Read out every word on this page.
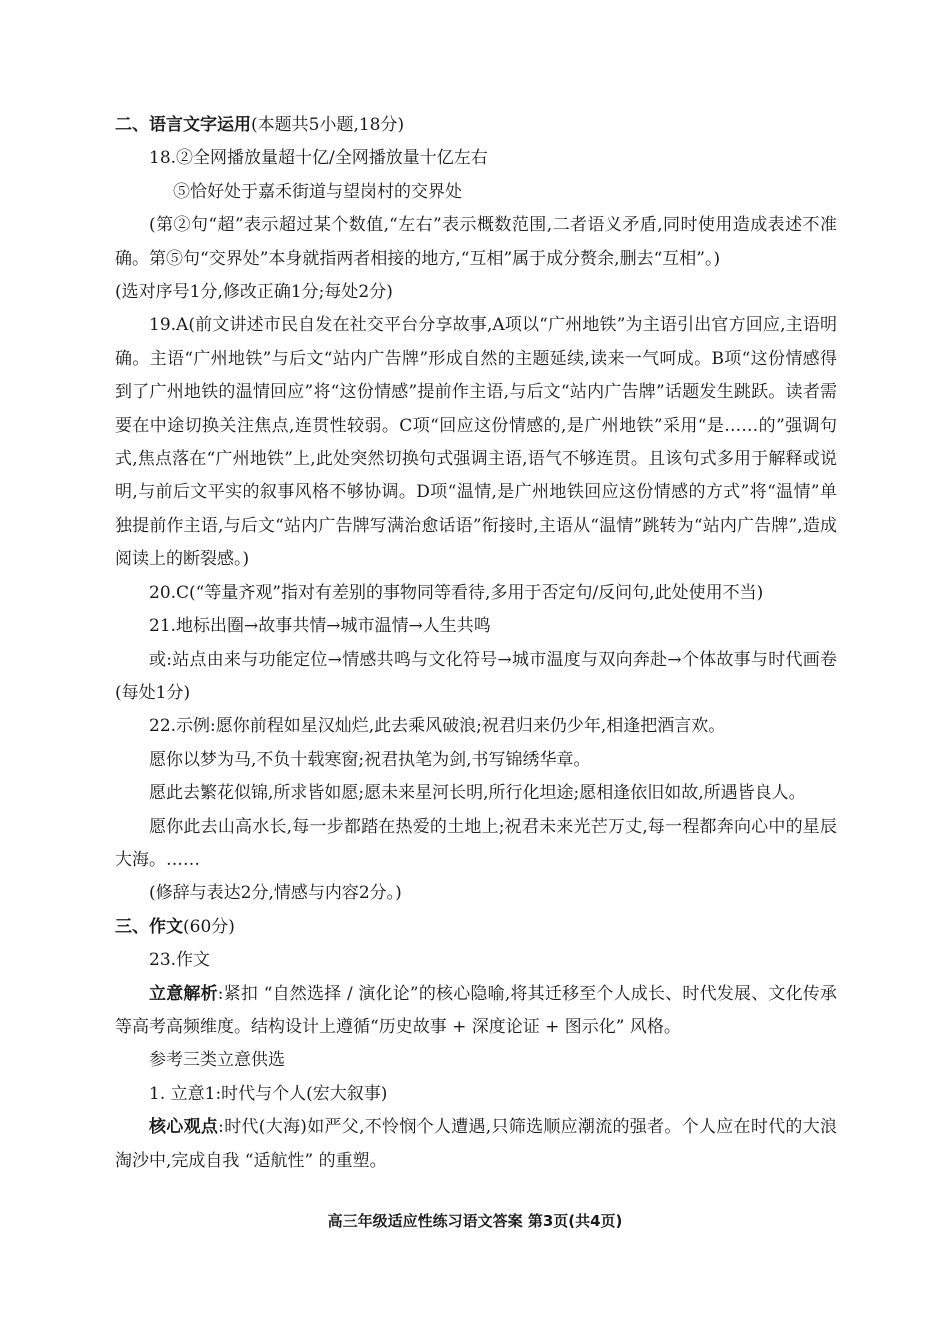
二、语言文字运用(本题共5小题,18分)

18.②全网播放量超十亿/全网播放量十亿左右

⑤恰好处于嘉禾街道与望岗村的交界处

(第②句“超”表示超过某个数值,“左右”表示概数范围,二者语义矛盾,同时使用造成表述不准确。第⑤句“交界处”本身就指两者相接的地方,“互相”属于成分赘余,删去“互相”。)

(选对序号1分,修改正确1分;每处2分)

19.A(前文讲述市民自发在社交平台分享故事,A项以“广州地铁”为主语引出官方回应,主语明确。主语“广州地铁”与后文“站内广告牌”形成自然的主题延续,读来一气呵成。B项“这份情感得到了广州地铁的温情回应”将“这份情感”提前作主语,与后文“站内广告牌”话题发生跳跃。读者需要在中途切换关注焦点,连贯性较弱。C项“回应这份情感的,是广州地铁”采用“是……的”强调句式,焦点落在“广州地铁”上,此处突然切换句式强调主语,语气不够连贯。且该句式多用于解释或说明,与前后文平实的叙事风格不够协调。D项“温情,是广州地铁回应这份情感的方式”将“温情”单独提前作主语,与后文“站内广告牌写满治愈话语”衔接时,主语从“温情”跳转为“站内广告牌”,造成阅读上的断裂感。)

20.C(“等量齐观”指对有差别的事物同等看待,多用于否定句/反问句,此处使用不当)

21.地标出圈→故事共情→城市温情→人生共鸣

或:站点由来与功能定位→情感共鸣与文化符号→城市温度与双向奔赴→个体故事与时代画卷(每处1分)

22.示例:愿你前程如星汉灿烂,此去乘风破浪;祝君归来仍少年,相逢把酒言欢。

愿你以梦为马,不负十载寒窗;祝君执笔为剑,书写锦绣华章。

愿此去繁花似锦,所求皆如愿;愿未来星河长明,所行化坦途;愿相逢依旧如故,所遇皆良人。

愿你此去山高水长,每一步都踏在热爱的土地上;祝君未来光芒万丈,每一程都奔向心中的星辰大海。……

(修辞与表达2分,情感与内容2分。)

三、作文(60分)

23.作文

立意解析:紧扣 “自然选择 / 演化论”的核心隐喻,将其迁移至个人成长、时代发展、文化传承等高考高频维度。结构设计上遵循“历史故事 + 深度论证 + 图示化” 风格。

参考三类立意供选

1. 立意1:时代与个人(宏大叙事)

核心观点:时代(大海)如严父,不怜悯个人遭遇,只筛选顺应潮流的强者。个人应在时代的大浪淘沙中,完成自我 “适航性” 的重塑。

高三年级适应性练习语文答案 第3页(共4页)
